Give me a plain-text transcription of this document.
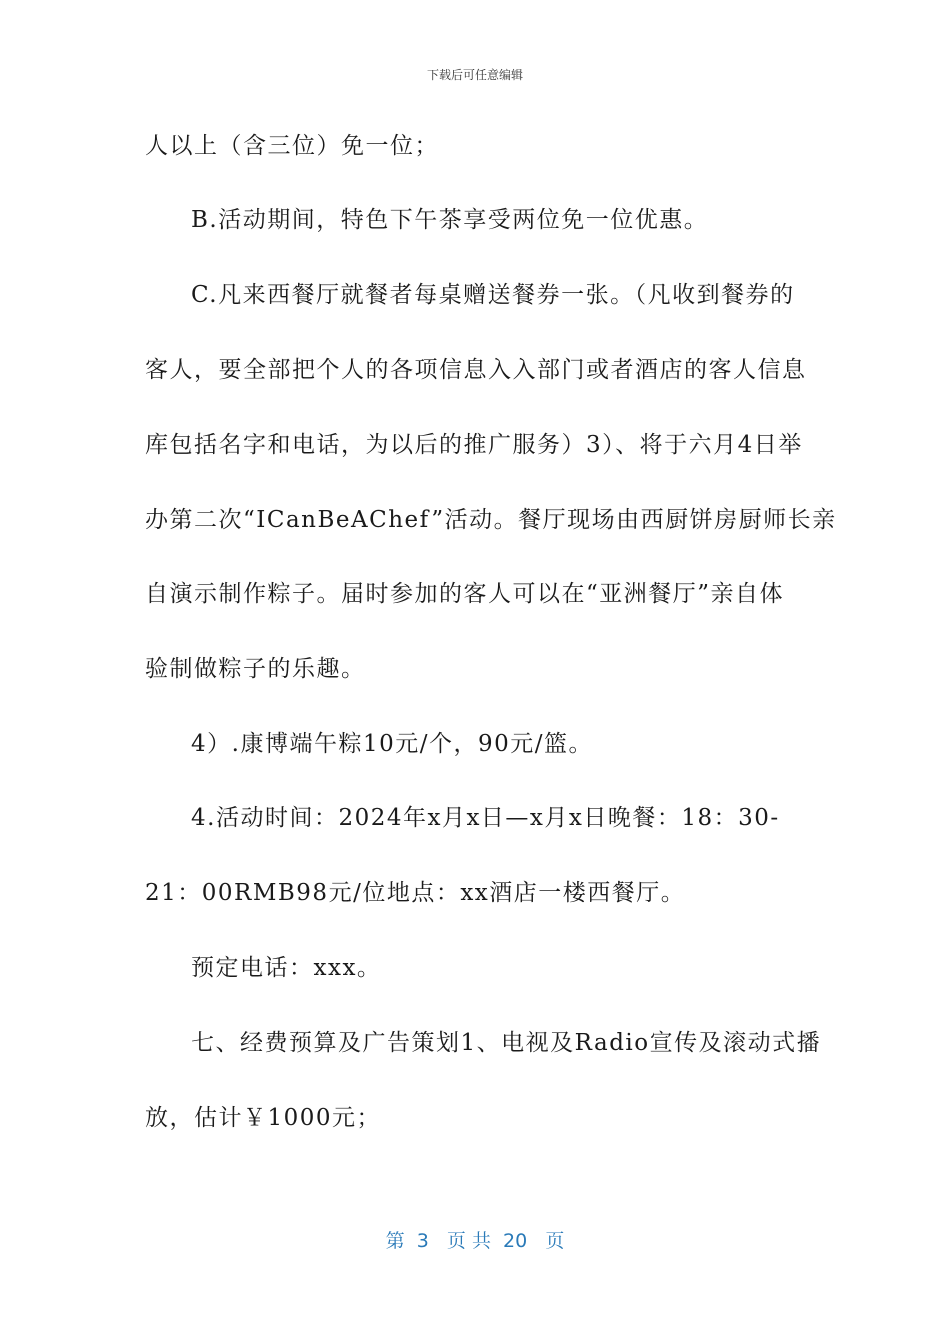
下载后可任意编辑
人以上（含三位）免一位；
B.活动期间，特色下午茶享受两位免一位优惠。
C.凡来西餐厅就餐者每桌赠送餐券一张。（凡收到餐券的
客人，要全部把个人的各项信息入入部门或者酒店的客人信息
库包括名字和电话，为以后的推广服务）3）、将于六月4日举
办第二次“ICanBeAChef”活动。餐厅现场由西厨饼房厨师长亲
自演示制作粽子。届时参加的客人可以在“亚洲餐厅”亲自体
验制做粽子的乐趣。
4）.康博端午粽10元/个，90元/篮。
4.活动时间：2024年x月x日—x月x日晚餐：18：30-
21：00RMB98元/位地点：xx酒店一楼西餐厅。
预定电话：xxx。
七、经费预算及广告策划1、电视及Radio宣传及滚动式播
放，估计￥1000元；
第  3   页 共  20   页
